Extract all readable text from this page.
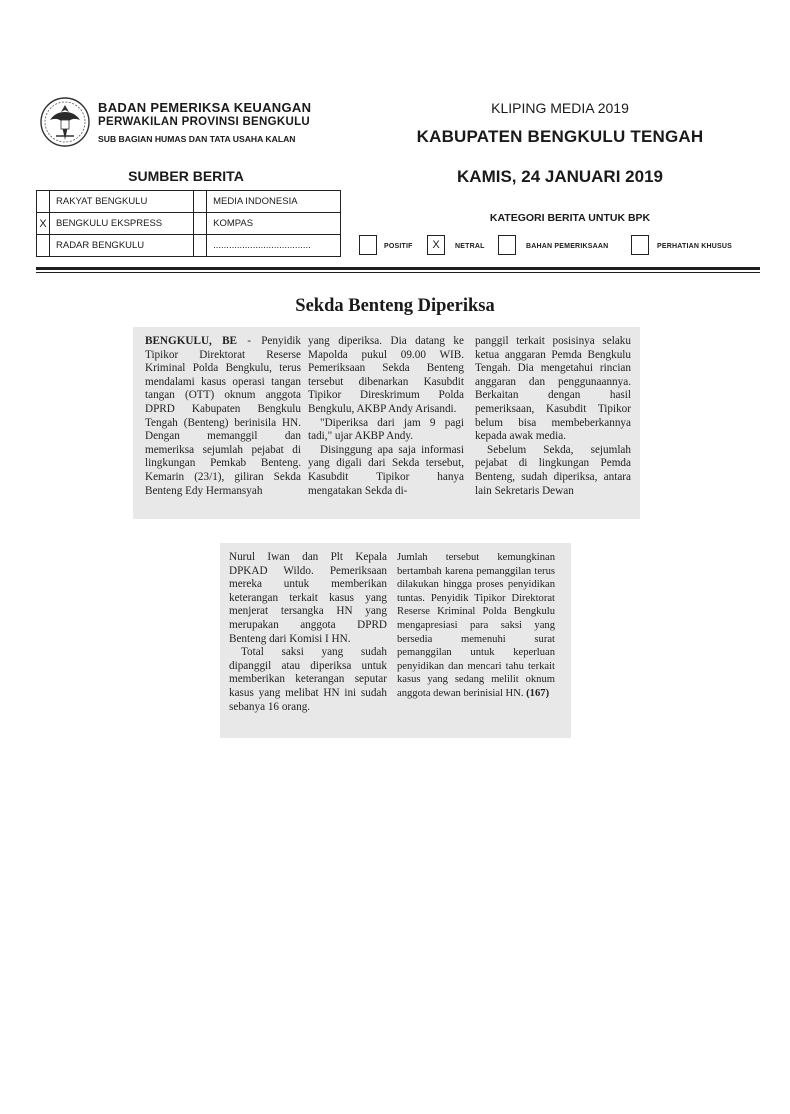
BADAN PEMERIKSA KEUANGAN
PERWAKILAN PROVINSI BENGKULU
SUB BAGIAN HUMAS DAN TATA USAHA KALAN
KLIPING MEDIA 2019
KABUPATEN BENGKULU TENGAH
KAMIS, 24 JANUARI 2019
SUMBER BERITA
KATEGORI BERITA UNTUK BPK
	RAKYAT BENGKULU		MEDIA INDONESIA
X	BENGKULU EKSPRESS		KOMPAS
	RADAR BENGKULU		.....................................	POSITIF	X	NETRAL	BAHAN PEMERIKSAAN	PERHATIAN KHUSUS
Sekda Benteng Diperiksa

BENGKULU, BE - Penyidik Tipikor Direktorat Reserse Kriminal Polda Bengkulu, terus mendalami kasus operasi tangan tangan (OTT) oknum anggota DPRD Kabupaten Bengkulu Tengah (Benteng) berinisila HN. Dengan memanggil dan memeriksa sejumlah pejabat di lingkungan Pemkab Benteng. Kemarin (23/1), giliran Sekda Benteng Edy Hermansyah

yang diperiksa. Dia datang ke Mapolda pukul 09.00 WIB. Pemeriksaan Sekda Benteng tersebut dibenarkan Kasubdit Tipikor Direskrimum Polda Bengkulu, AKBP Andy Arisandi.

"Diperiksa dari jam 9 pagi tadi," ujar AKBP Andy.

Disinggung apa saja informasi yang digali dari Sekda tersebut, Kasubdit Tipikor hanya mengatakan Sekda di-

panggil terkait posisinya selaku ketua anggaran Pemda Bengkulu Tengah. Dia mengetahui rincian anggaran dan penggunaannya. Berkaitan dengan hasil pemeriksaan, Kasubdit Tipikor belum bisa membeberkannya kepada awak media.

Sebelum Sekda, sejumlah pejabat di lingkungan Pemda Benteng, sudah diperiksa, antara lain Sekretaris Dewan

Nurul Iwan dan Plt Kepala DPKAD Wildo. Pemeriksaan mereka untuk memberikan keterangan terkait kasus yang menjerat tersangka HN yang merupakan anggota DPRD Benteng dari Komisi I HN.

Total saksi yang sudah dipanggil atau diperiksa untuk memberikan keterangan seputar kasus yang melibat HN ini sudah sebanya 16 orang.

Jumlah tersebut kemungkinan bertambah karena pemanggilan terus dilakukan hingga proses penyidikan tuntas. Penyidik Tipikor Direktorat Reserse Kriminal Polda Bengkulu mengapresiasi para saksi yang bersedia memenuhi surat pemanggilan untuk keperluan penyidikan dan mencari tahu terkait kasus yang sedang melilit oknum anggota dewan berinisial HN. (167)
